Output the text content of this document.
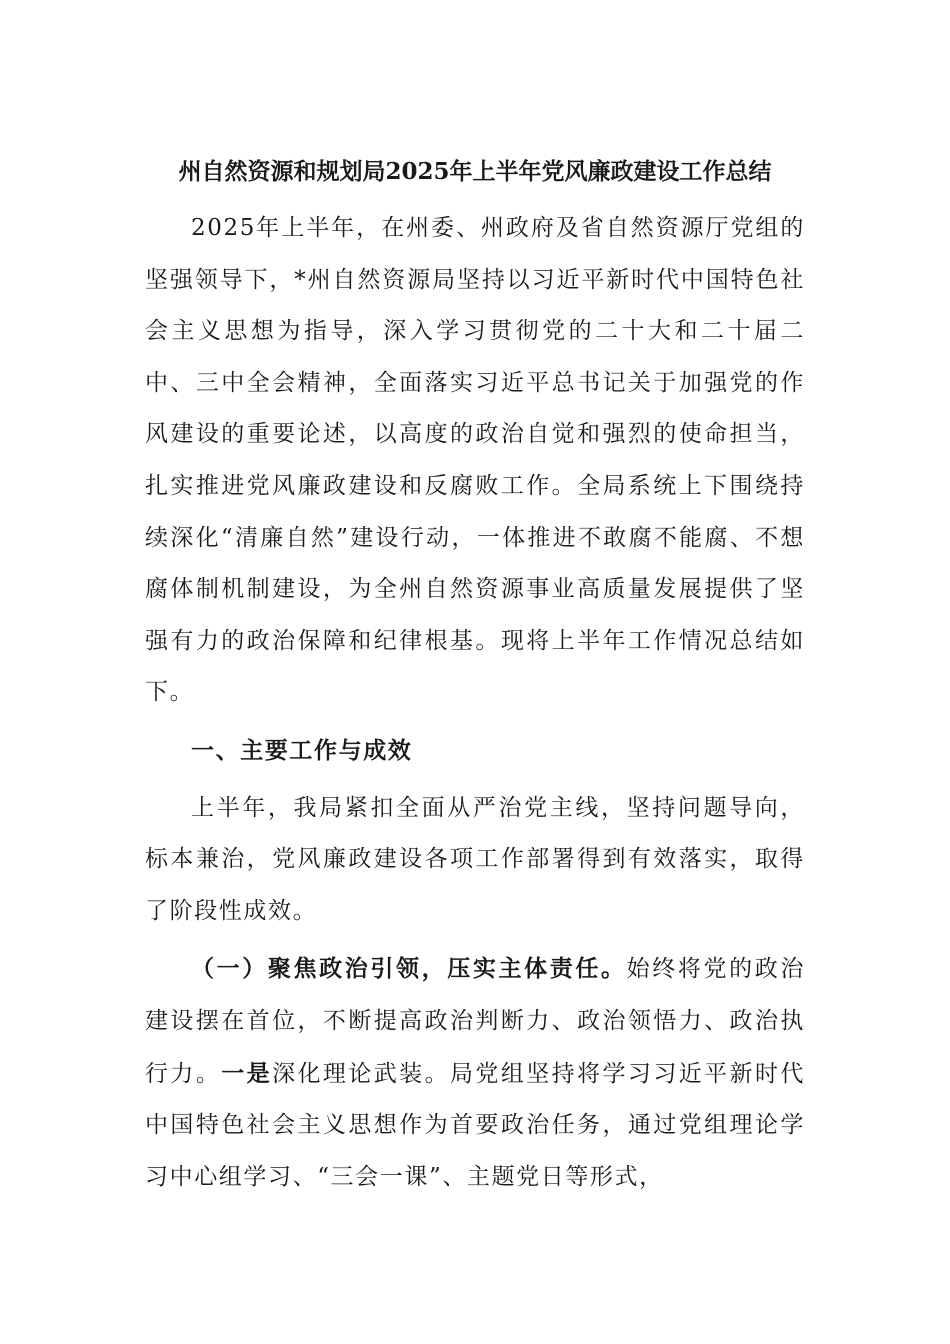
州自然资源和规划局2025年上半年党风廉政建设工作总结

2025年上半年，在州委、州政府及省自然资源厅党组的坚强领导下，*州自然资源局坚持以习近平新时代中国特色社会主义思想为指导，深入学习贯彻党的二十大和二十届二中、三中全会精神，全面落实习近平总书记关于加强党的作风建设的重要论述，以高度的政治自觉和强烈的使命担当，扎实推进党风廉政建设和反腐败工作。全局系统上下围绕持续深化“清廉自然”建设行动，一体推进不敢腐不能腐、不想腐体制机制建设，为全州自然资源事业高质量发展提供了坚强有力的政治保障和纪律根基。现将上半年工作情况总结如下。

一、主要工作与成效

上半年，我局紧扣全面从严治党主线，坚持问题导向，标本兼治，党风廉政建设各项工作部署得到有效落实，取得了阶段性成效。

（一）聚焦政治引领，压实主体责任。始终将党的政治建设摆在首位，不断提高政治判断力、政治领悟力、政治执行力。一是深化理论武装。局党组坚持将学习习近平新时代中国特色社会主义思想作为首要政治任务，通过党组理论学习中心组学习、“三会一课”、主题党日等形式，
